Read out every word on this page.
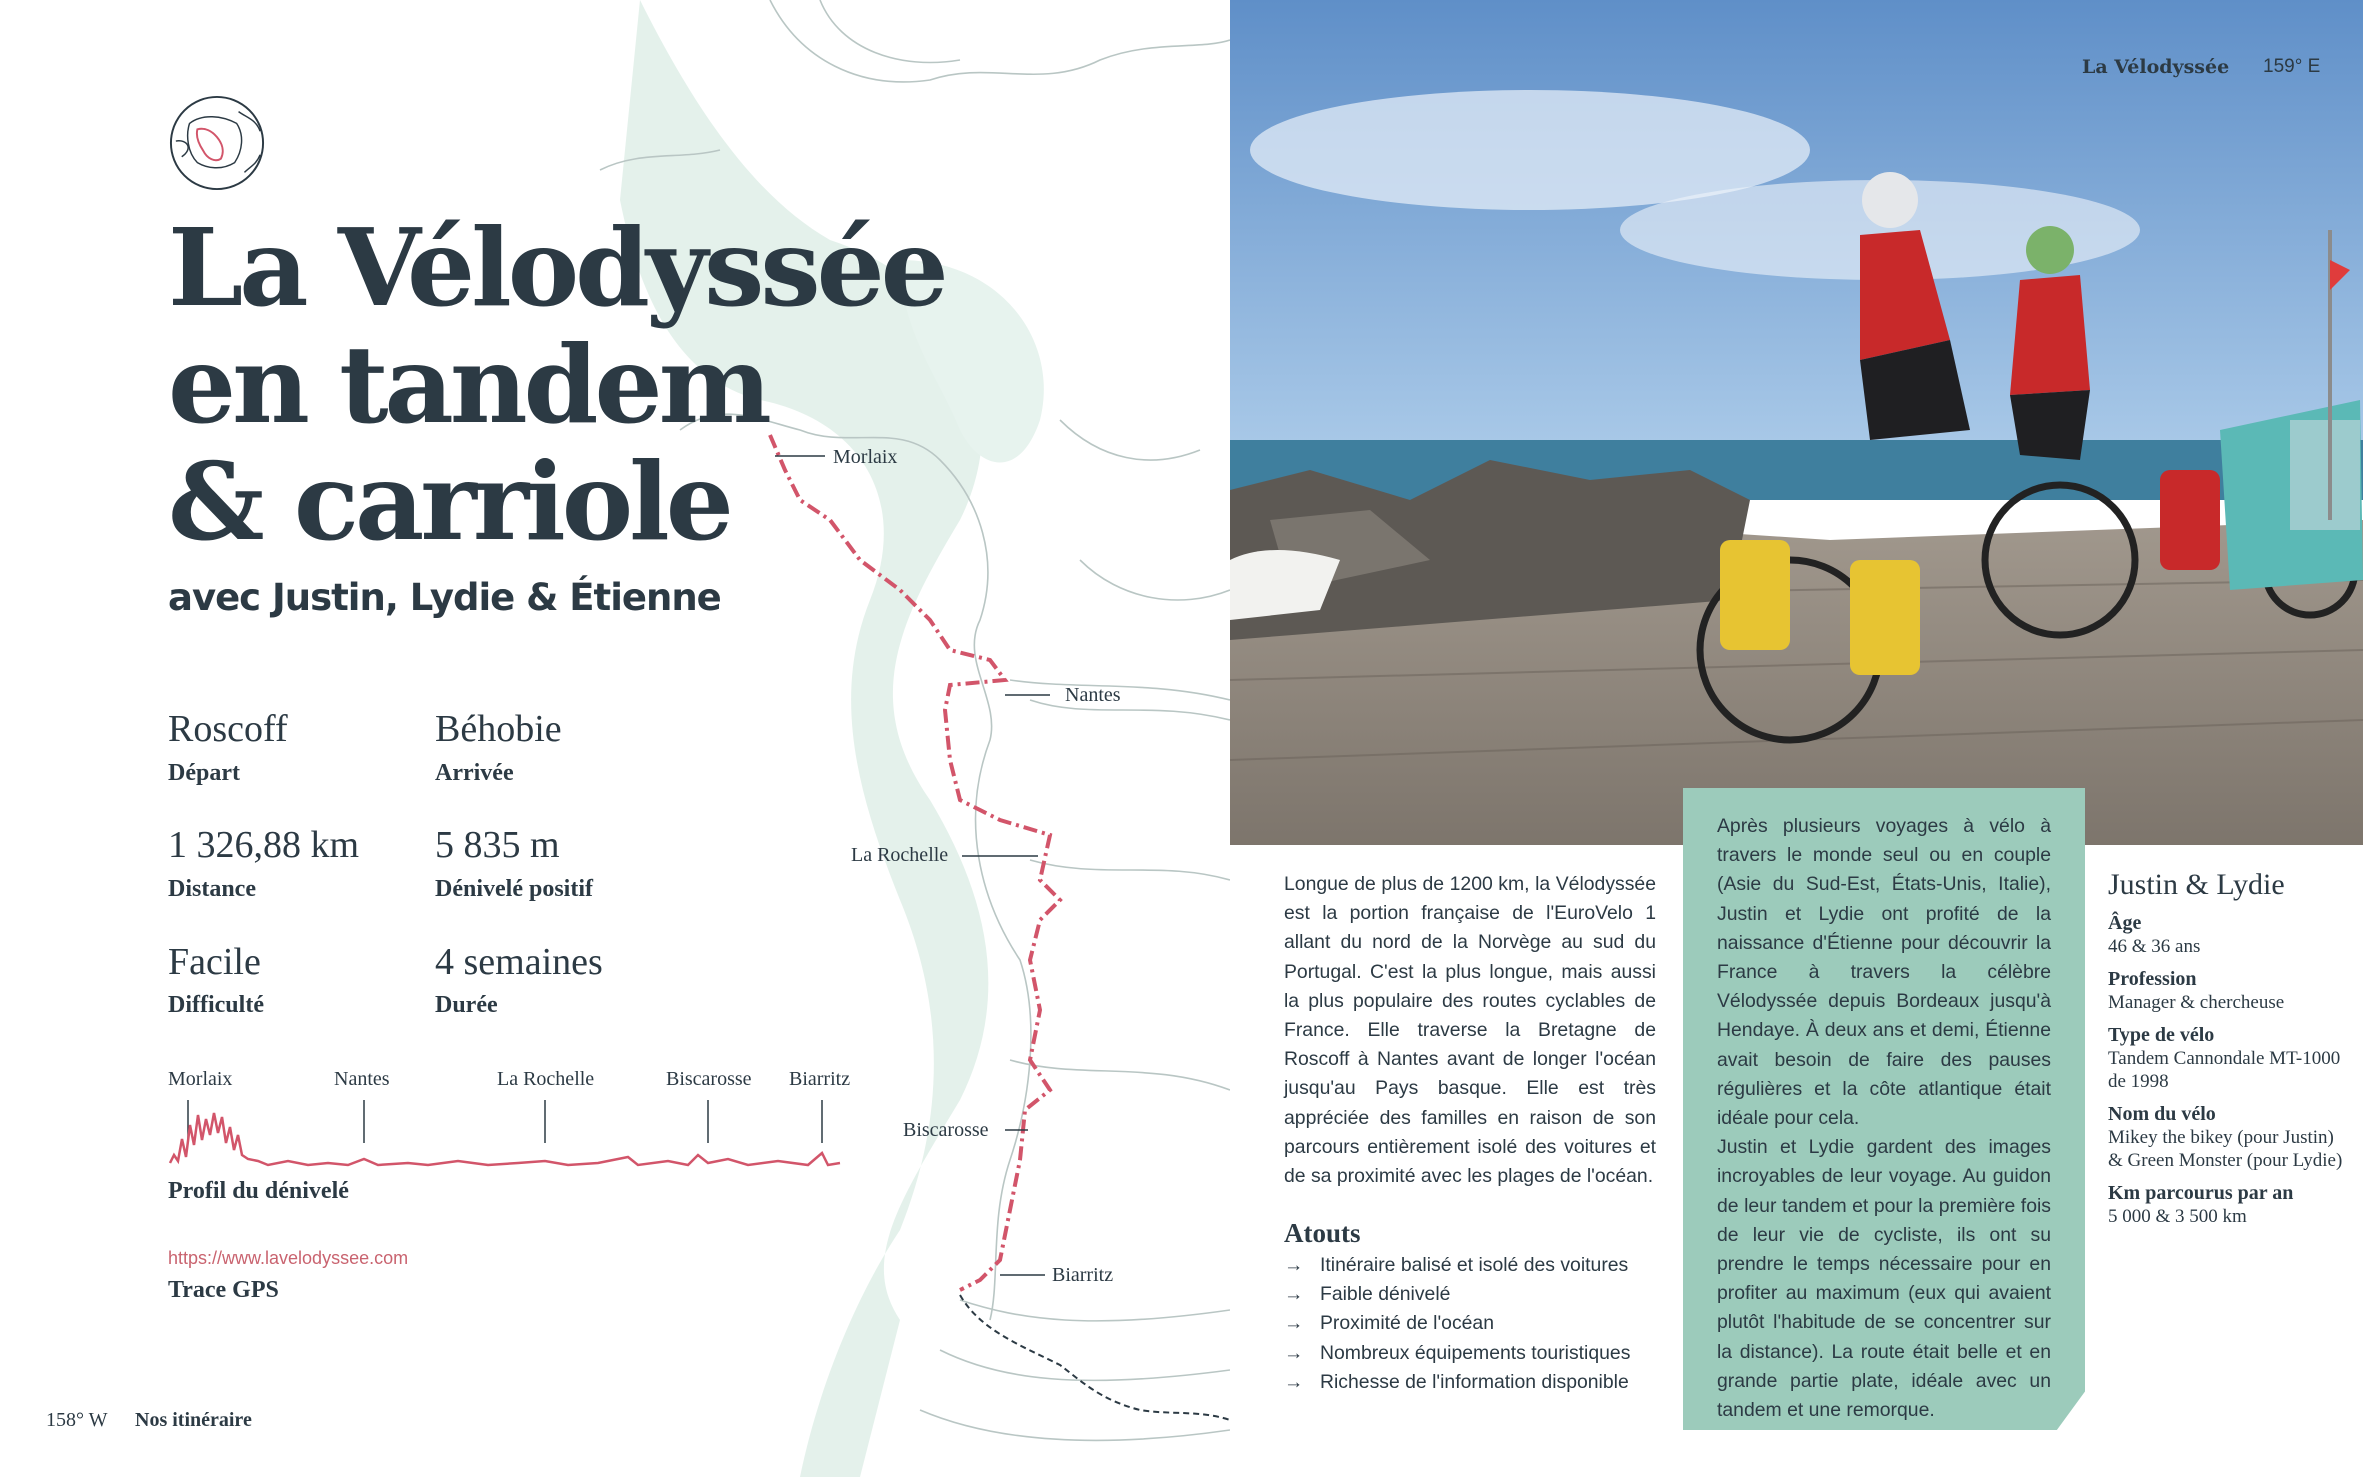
Morlaix
Nantes
La Rochelle
Biscarosse
Biarritz
La Vélodyssée
en tandem
& carriole
avec Justin, Lydie & Étienne
Roscoff
Départ
Béhobie
Arrivée
1 326,88 km
Distance
5 835 m
Dénivelé positif
Facile
Difficulté
4 semaines
Durée
Morlaix	Nantes	La Rochelle	Biscarosse Biarritz
Profil du dénivelé
https://www.lavelodyssee.com
Trace GPS
158° W Nos itinéraire
La Vélodyssée 159° E
Longue de plus de 1200 km, la Vélodyssée est la portion française de l'EuroVelo 1 allant du nord de la Norvège au sud du Portugal. C'est la plus longue, mais aussi la plus populaire des routes cyclables de France. Elle traverse la Bretagne de Roscoff à Nantes avant de longer l'océan jusqu'au Pays basque. Elle est très appréciée des familles en raison de son parcours entièrement isolé des voitures et de sa proximité avec les plages de l'océan.
Atouts
→ Itinéraire balisé et isolé des voitures
→ Faible dénivelé
→ Proximité de l'océan
→ Nombreux équipements touristiques
→ Richesse de l'information disponible

Après plusieurs voyages à vélo à travers le monde seul ou en couple (Asie du Sud-Est, États-Unis, Italie), Justin et Lydie ont profité de la naissance d'Étienne pour découvrir la France à travers la célèbre Vélodyssée depuis Bordeaux jusqu'à Hendaye. À deux ans et demi, Étienne avait besoin de faire des pauses régulières et la côte atlantique était idéale pour cela.

Justin et Lydie gardent des images incroyables de leur voyage. Au guidon de leur tandem et pour la première fois de leur vie de cycliste, ils ont su prendre le temps nécessaire pour en profiter au maximum (eux qui avaient plutôt l'habitude de se concentrer sur la distance). La route était belle et en grande partie plate, idéale avec un tandem et une remorque.

Justin & Lydie
Âge
46 & 36 ans
Profession
Manager & chercheuse
Type de vélo
Tandem Cannondale MT-1000 de 1998
Nom du vélo
Mikey the bikey (pour Justin) & Green Monster (pour Lydie)
Km parcourus par an
5 000 & 3 500 km
